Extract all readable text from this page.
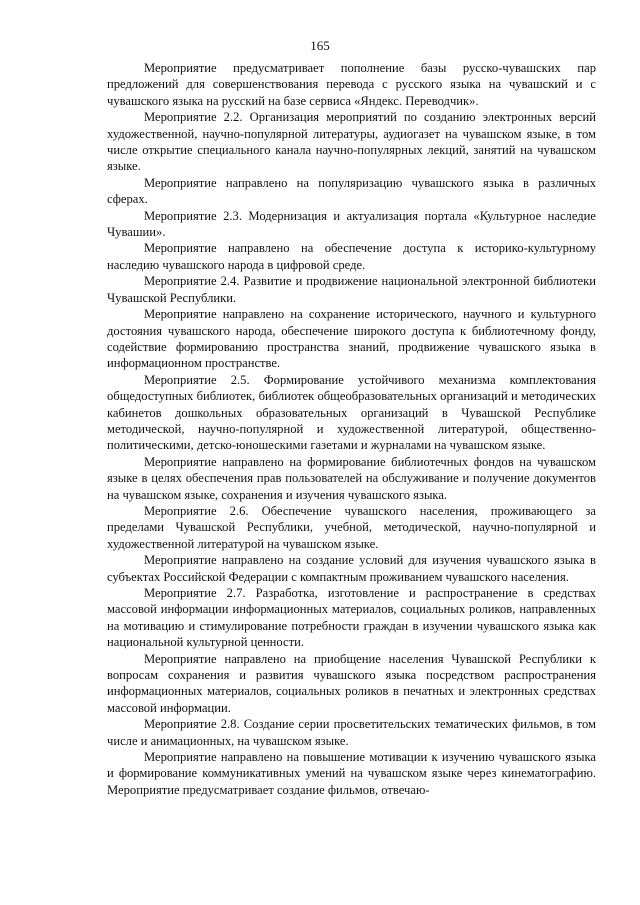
165

Мероприятие предусматривает пополнение базы русско-чувашских пар предложений для совершенствования перевода с русского языка на чувашский и с чувашского языка на русский на базе сервиса «Яндекс. Переводчик».

Мероприятие 2.2. Организация мероприятий по созданию электронных версий художественной, научно-популярной литературы, аудиогазет на чувашском языке, в том числе открытие специального канала научно-популярных лекций, занятий на чувашском языке.

Мероприятие направлено на популяризацию чувашского языка в различных сферах.

Мероприятие 2.3. Модернизация и актуализация портала «Культурное наследие Чувашии».

Мероприятие направлено на обеспечение доступа к историко-культурному наследию чувашского народа в цифровой среде.

Мероприятие 2.4. Развитие и продвижение национальной электронной библиотеки Чувашской Республики.

Мероприятие направлено на сохранение исторического, научного и культурного достояния чувашского народа, обеспечение широкого доступа к библиотечному фонду, содействие формированию пространства знаний, продвижение чувашского языка в информационном пространстве.

Мероприятие 2.5. Формирование устойчивого механизма комплектования общедоступных библиотек, библиотек общеобразовательных организаций и методических кабинетов дошкольных образовательных организаций в Чувашской Республике методической, научно-популярной и художественной литературой, общественно-политическими, детско-юношескими газетами и журналами на чувашском языке.

Мероприятие направлено на формирование библиотечных фондов на чувашском языке в целях обеспечения прав пользователей на обслуживание и получение документов на чувашском языке, сохранения и изучения чувашского языка.

Мероприятие 2.6. Обеспечение чувашского населения, проживающего за пределами Чувашской Республики, учебной, методической, научно-популярной и художественной литературой на чувашском языке.

Мероприятие направлено на создание условий для изучения чувашского языка в субъектах Российской Федерации с компактным проживанием чувашского населения.

Мероприятие 2.7. Разработка, изготовление и распространение в средствах массовой информации информационных материалов, социальных роликов, направленных на мотивацию и стимулирование потребности граждан в изучении чувашского языка как национальной культурной ценности.

Мероприятие направлено на приобщение населения Чувашской Республики к вопросам сохранения и развития чувашского языка посредством распространения информационных материалов, социальных роликов в печатных и электронных средствах массовой информации.

Мероприятие 2.8. Создание серии просветительских тематических фильмов, в том числе и анимационных, на чувашском языке.

Мероприятие направлено на повышение мотивации к изучению чувашского языка и формирование коммуникативных умений на чувашском языке через кинематографию. Мероприятие предусматривает создание фильмов, отвечаю-
